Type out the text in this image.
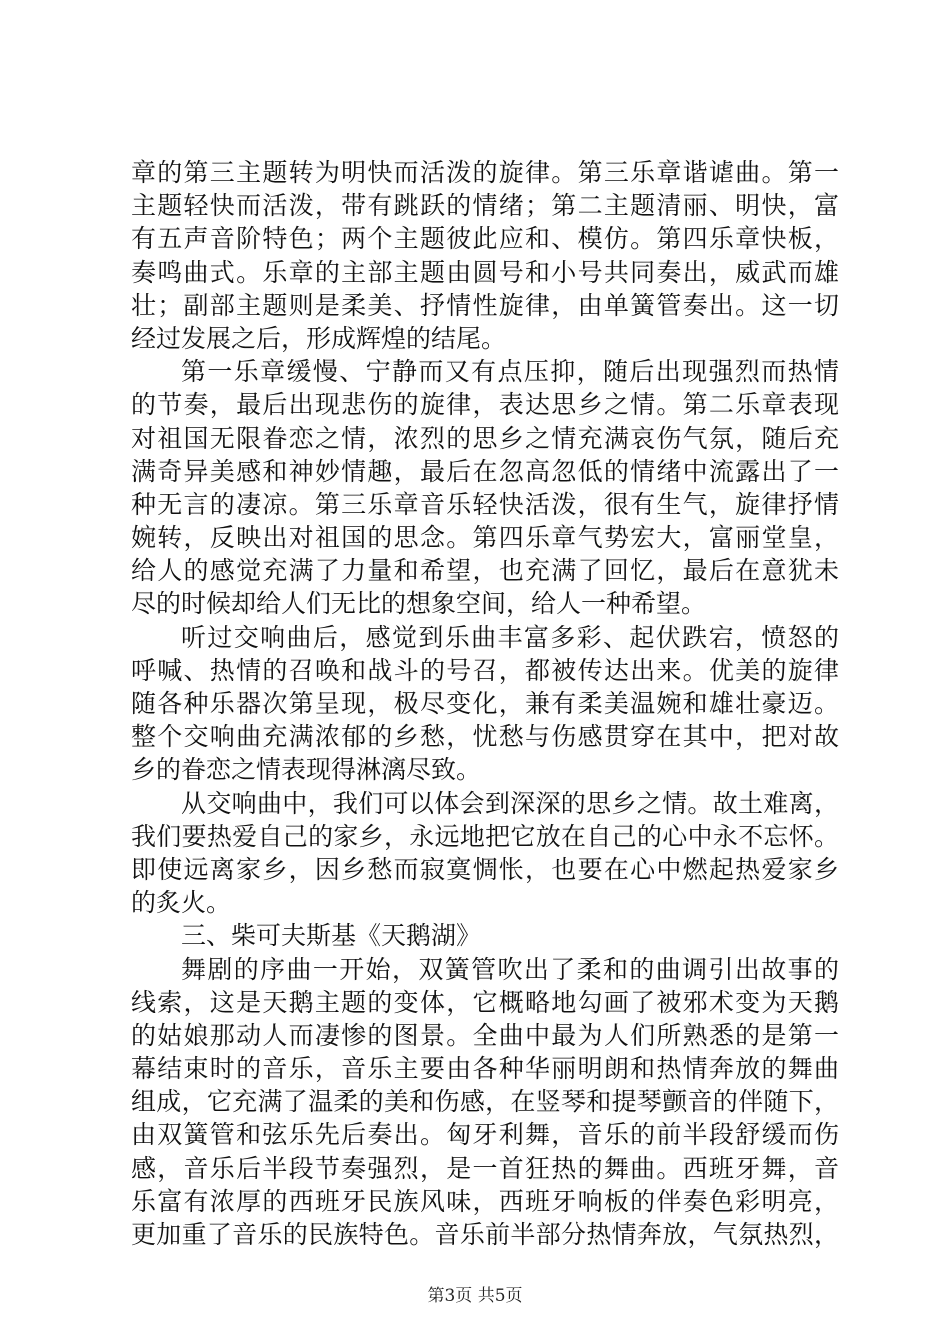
章的第三主题转为明快而活泼的旋律。第三乐章谐谑曲。第一
主题轻快而活泼，带有跳跃的情绪；第二主题清丽、明快，富
有五声音阶特色；两个主题彼此应和、模仿。第四乐章快板，
奏鸣曲式。乐章的主部主题由圆号和小号共同奏出，威武而雄
壮；副部主题则是柔美、抒情性旋律，由单簧管奏出。这一切
经过发展之后，形成辉煌的结尾。
第一乐章缓慢、宁静而又有点压抑，随后出现强烈而热情
的节奏，最后出现悲伤的旋律，表达思乡之情。第二乐章表现
对祖国无限眷恋之情，浓烈的思乡之情充满哀伤气氛，随后充
满奇异美感和神妙情趣，最后在忽高忽低的情绪中流露出了一
种无言的凄凉。第三乐章音乐轻快活泼，很有生气，旋律抒情
婉转，反映出对祖国的思念。第四乐章气势宏大，富丽堂皇，
给人的感觉充满了力量和希望，也充满了回忆，最后在意犹未
尽的时候却给人们无比的想象空间，给人一种希望。
听过交响曲后，感觉到乐曲丰富多彩、起伏跌宕，愤怒的
呼喊、热情的召唤和战斗的号召，都被传达出来。优美的旋律
随各种乐器次第呈现，极尽变化，兼有柔美温婉和雄壮豪迈。
整个交响曲充满浓郁的乡愁，忧愁与伤感贯穿在其中，把对故
乡的眷恋之情表现得淋漓尽致。
从交响曲中，我们可以体会到深深的思乡之情。故土难离，
我们要热爱自己的家乡，永远地把它放在自己的心中永不忘怀。
即使远离家乡，因乡愁而寂寞惆怅，也要在心中燃起热爱家乡
的炙火。
三、柴可夫斯基《天鹅湖》
舞剧的序曲一开始，双簧管吹出了柔和的曲调引出故事的
线索，这是天鹅主题的变体，它概略地勾画了被邪术变为天鹅
的姑娘那动人而凄惨的图景。全曲中最为人们所熟悉的是第一
幕结束时的音乐，音乐主要由各种华丽明朗和热情奔放的舞曲
组成，它充满了温柔的美和伤感，在竖琴和提琴颤音的伴随下，
由双簧管和弦乐先后奏出。匈牙利舞，音乐的前半段舒缓而伤
感，音乐后半段节奏强烈，是一首狂热的舞曲。西班牙舞，音
乐富有浓厚的西班牙民族风味，西班牙响板的伴奏色彩明亮，
更加重了音乐的民族特色。音乐前半部分热情奔放，气氛热烈，
第3页 共5页
